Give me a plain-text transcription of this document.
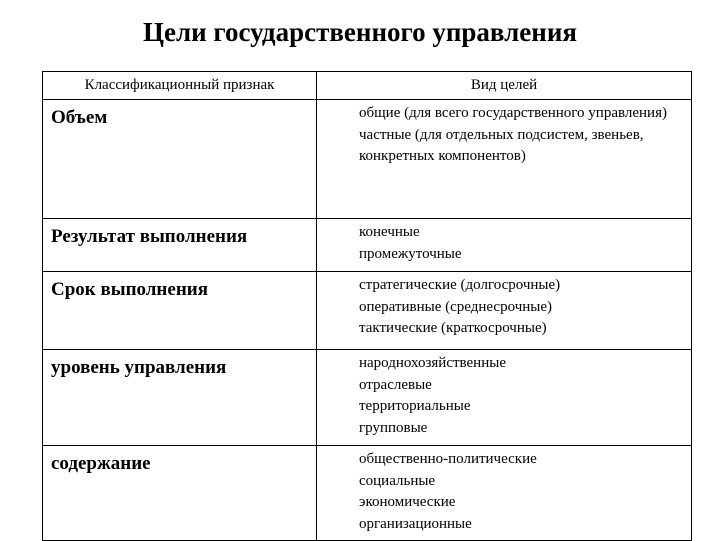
Цели государственного управления
Классификационный признак	Вид целей
Объем	общие (для всего государственного управления)
частные (для отдельных подсистем, звеньев,
конкретных компонентов)

Результат выполнения	конечные
промежуточные

Срок выполнения	стратегические (долгосрочные)
оперативные (среднесрочные)
тактические (краткосрочные)

уровень управления	народнохозяйственные
отраслевые
территориальные
групповые

содержание	общественно-политические
социальные
экономические
организационные
